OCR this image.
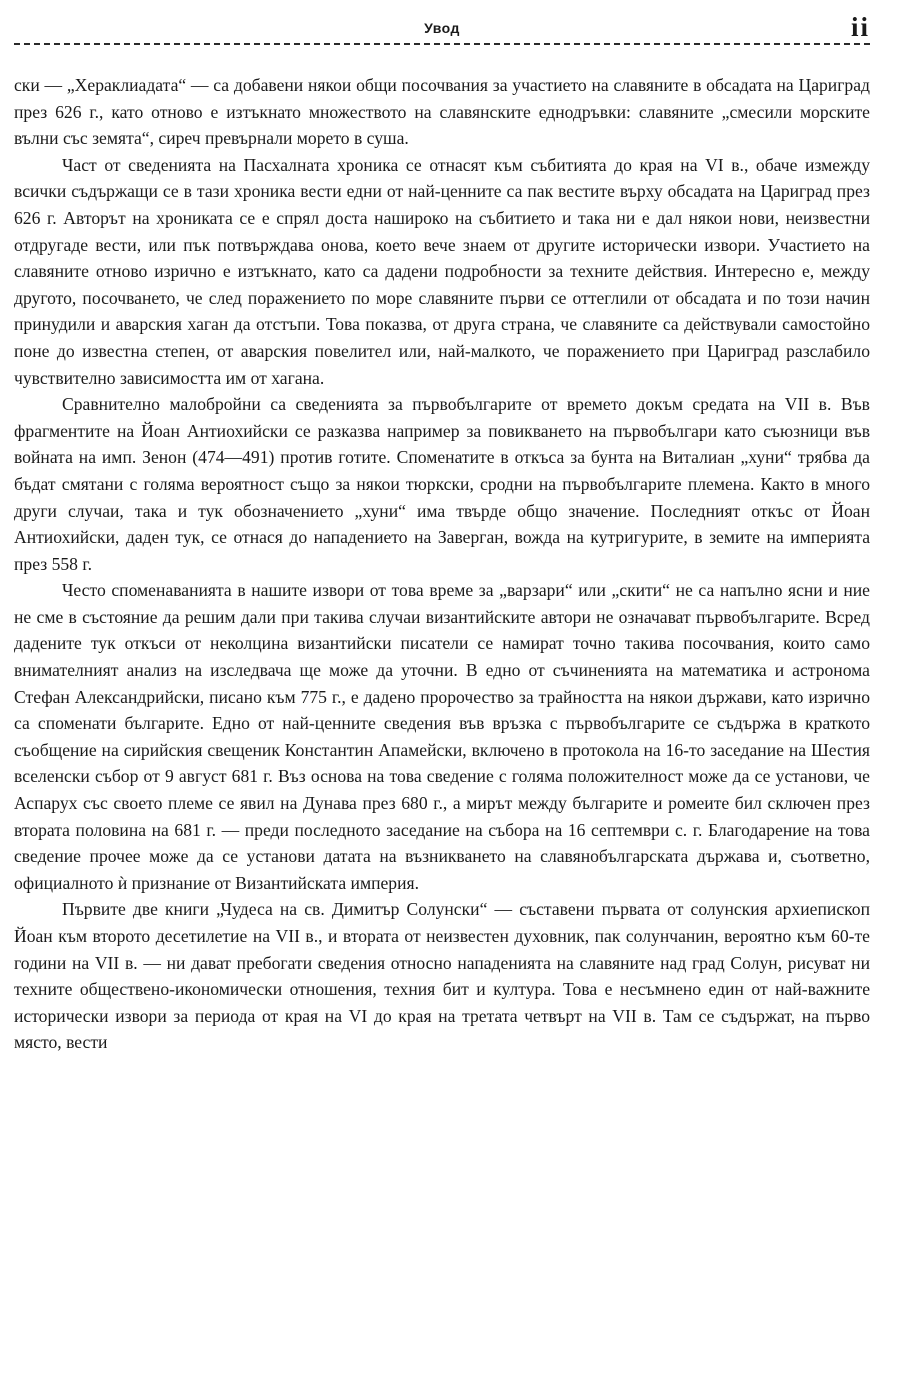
Увод	ii

ски — „Хераклиадата“ — са добавени някои общи посочвания за участието на славяните в обсадата на Цариград през 626 г., като отново е изтъкнато множеството на славянските еднодръвки: славяните „смесили морските вълни със земята“, сиреч превърнали морето в суша.

Част от сведенията на Пасхалната хроника се отнасят към събитията до края на VI в., обаче измежду всички съдържащи се в тази хроника вести едни от най-ценните са пак вестите върху обсадата на Цариград през 626 г. Авторът на хрониката се е спрял доста нашироко на събитието и така ни е дал някои нови, неизвестни отдругаде вести, или пък потвърждава онова, което вече знаем от другите исторически извори. Участието на славяните отново изрично е изтъкнато, като са дадени подробности за техните действия. Интересно е, между другото, посочването, че след поражението по море славяните първи се оттеглили от обсадата и по този начин принудили и аварския хаган да отстъпи. Това показва, от друга страна, че славяните са действували самостойно поне до известна степен, от аварския повелител или, най-малкото, че поражението при Цариград разслабило чувствително зависимостта им от хагана.

Сравнително малобройни са сведенията за първобългарите от времето докъм средата на VII в. Във фрагментите на Йоан Антиохийски се разказва например за повикването на първобългари като съюзници във войната на имп. Зенон (474—491) против готите. Споменатите в откъса за бунта на Виталиан „хуни“ трябва да бъдат смятани с голяма вероятност също за някои тюркски, сродни на първобългарите племена. Както в много други случаи, така и тук обозначението „хуни“ има твърде общо значение. Последният откъс от Йоан Антиохийски, даден тук, се отнася до нападението на Заверган, вожда на кутригурите, в земите на империята през 558 г.

Често споменаванията в нашите извори от това време за „варзари“ или „скити“ не са напълно ясни и ние не сме в състояние да решим дали при такива случаи византийските автори не означават първобългарите. Всред дадените тук откъси от неколцина византийски писатели се намират точно такива посочвания, които само внимателният анализ на изследвача ще може да уточни. В едно от съчиненията на математика и астронома Стефан Александрийски, писано към 775 г., е дадено пророчество за трайността на някои държави, като изрично са споменати българите. Едно от най-ценните сведения във връзка с първобългарите се съдържа в краткото съобщение на сирийския свещеник Константин Апамейски, включено в протокола на 16-то заседание на Шестия вселенски събор от 9 август 681 г. Въз основа на това сведение с голяма положителност може да се установи, че Аспарух със своето племе се явил на Дунава през 680 г., а мирът между българите и ромеите бил сключен през втората половина на 681 г. — преди последното заседание на събора на 16 септември с. г. Благодарение на това сведение прочее може да се установи датата на възникването на славянобългарската държава и, съответно, официалното ѝ признание от Византийската империя.

Първите две книги „Чудеса на св. Димитър Солунски“ — съставени първата от солунския архиепископ Йоан към второто десетилетие на VII в., и втората от неизвестен духовник, пак солунчанин, вероятно към 60-те години на VII в. — ни дават пребогати сведения относно нападенията на славяните над град Солун, рисуват ни техните обществено-икономически отношения, техния бит и култура. Това е несъмнено един от най-важните исторически извори за периода от края на VI до края на третата четвърт на VII в. Там се съдържат, на първо място, вести
